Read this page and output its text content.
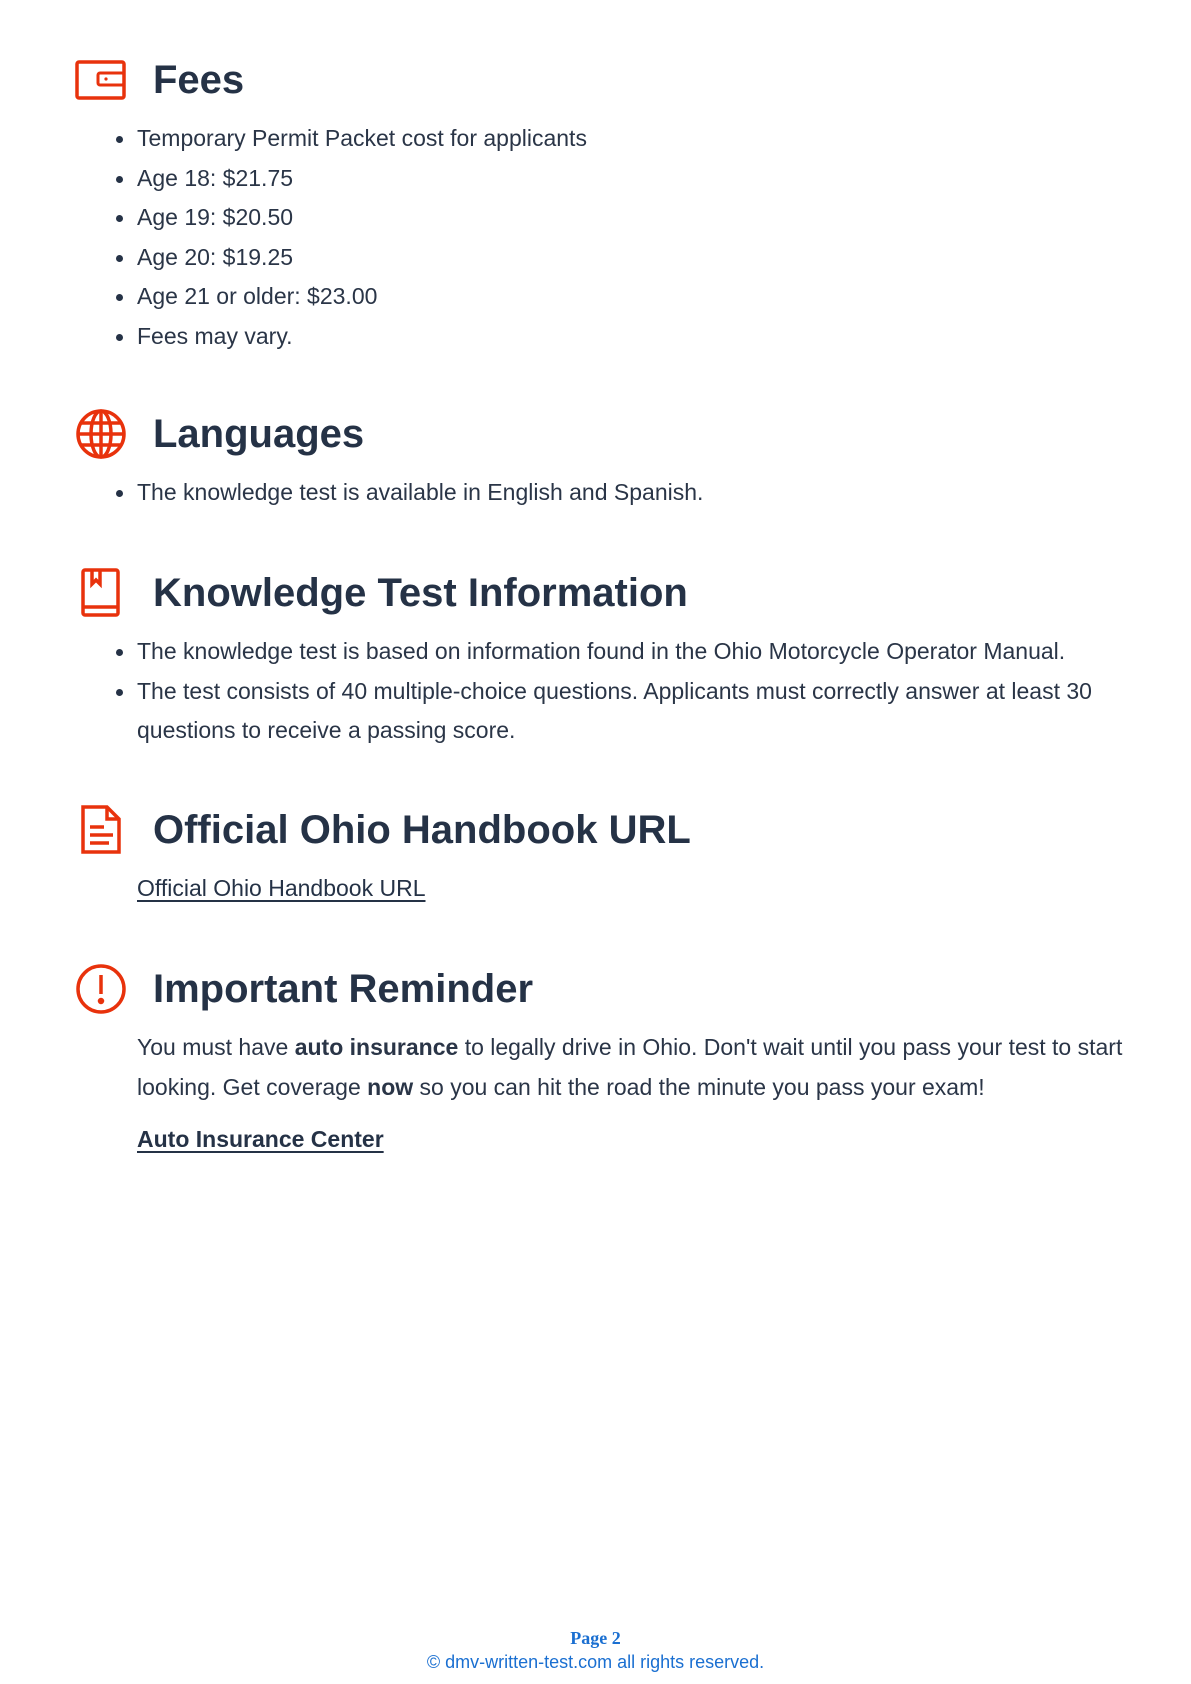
Fees
Temporary Permit Packet cost for applicants
Age 18: $21.75
Age 19: $20.50
Age 20: $19.25
Age 21 or older: $23.00
Fees may vary.
Languages
The knowledge test is available in English and Spanish.
Knowledge Test Information
The knowledge test is based on information found in the Ohio Motorcycle Operator Manual.
The test consists of 40 multiple-choice questions. Applicants must correctly answer at least 30 questions to receive a passing score.
Official Ohio Handbook URL

Official Ohio Handbook URL

Important Reminder

You must have auto insurance to legally drive in Ohio. Don't wait until you pass your test to start looking. Get coverage now so you can hit the road the minute you pass your exam!

Auto Insurance Center

Page 2
© dmv-written-test.com all rights reserved.
